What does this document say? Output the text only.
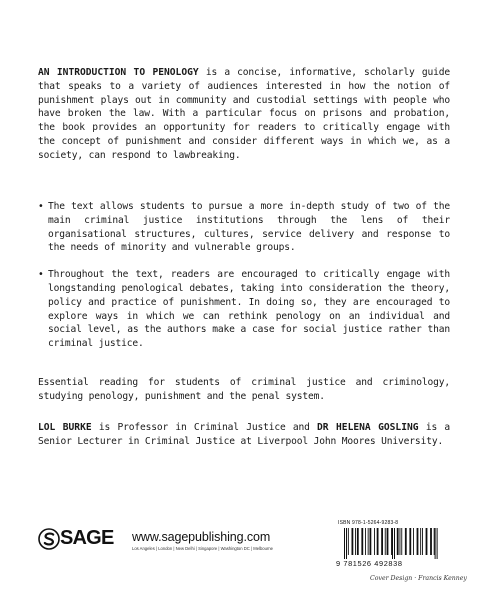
AN INTRODUCTION TO PENOLOGY is a concise, informative, scholarly guide that speaks to a variety of audiences interested in how the notion of punishment plays out in community and custodial settings with people who have broken the law. With a particular focus on prisons and probation, the book provides an opportunity for readers to critically engage with the concept of punishment and consider different ways in which we, as a society, can respond to lawbreaking.

• The text allows students to pursue a more in-depth study of two of the main criminal justice institutions through the lens of their organisational structures, cultures, service delivery and response to the needs of minority and vulnerable groups.
• Throughout the text, readers are encouraged to critically engage with longstanding penological debates, taking into consideration the theory, policy and practice of punishment. In doing so, they are encouraged to explore ways in which we can rethink penology on an individual and social level, as the authors make a case for social justice rather than criminal justice.

Essential reading for students of criminal justice and criminology, studying penology, punishment and the penal system.

LOL BURKE is Professor in Criminal Justice and DR HELENA GOSLING is a Senior Lecturer in Criminal Justice at Liverpool John Moores University.

SAGE www.sagepublishing.com
Los Angeles | London | New Delhi | Singapore | Washington DC | Melbourne
ISBN 978-1-5264-9283-8
9 781526 492838
Cover Design · Francis Kenney
